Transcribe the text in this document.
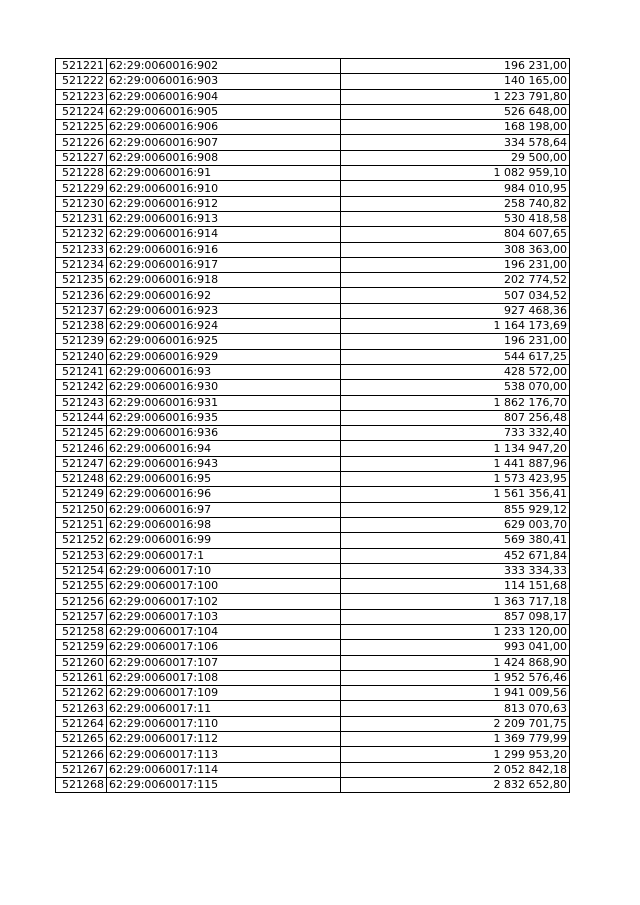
521221	62:29:0060016:902	196 231,00
521222	62:29:0060016:903	140 165,00
521223	62:29:0060016:904	1 223 791,80
521224	62:29:0060016:905	526 648,00
521225	62:29:0060016:906	168 198,00
521226	62:29:0060016:907	334 578,64
521227	62:29:0060016:908	29 500,00
521228	62:29:0060016:91	1 082 959,10
521229	62:29:0060016:910	984 010,95
521230	62:29:0060016:912	258 740,82
521231	62:29:0060016:913	530 418,58
521232	62:29:0060016:914	804 607,65
521233	62:29:0060016:916	308 363,00
521234	62:29:0060016:917	196 231,00
521235	62:29:0060016:918	202 774,52
521236	62:29:0060016:92	507 034,52
521237	62:29:0060016:923	927 468,36
521238	62:29:0060016:924	1 164 173,69
521239	62:29:0060016:925	196 231,00
521240	62:29:0060016:929	544 617,25
521241	62:29:0060016:93	428 572,00
521242	62:29:0060016:930	538 070,00
521243	62:29:0060016:931	1 862 176,70
521244	62:29:0060016:935	807 256,48
521245	62:29:0060016:936	733 332,40
521246	62:29:0060016:94	1 134 947,20
521247	62:29:0060016:943	1 441 887,96
521248	62:29:0060016:95	1 573 423,95
521249	62:29:0060016:96	1 561 356,41
521250	62:29:0060016:97	855 929,12
521251	62:29:0060016:98	629 003,70
521252	62:29:0060016:99	569 380,41
521253	62:29:0060017:1	452 671,84
521254	62:29:0060017:10	333 334,33
521255	62:29:0060017:100	114 151,68
521256	62:29:0060017:102	1 363 717,18
521257	62:29:0060017:103	857 098,17
521258	62:29:0060017:104	1 233 120,00
521259	62:29:0060017:106	993 041,00
521260	62:29:0060017:107	1 424 868,90
521261	62:29:0060017:108	1 952 576,46
521262	62:29:0060017:109	1 941 009,56
521263	62:29:0060017:11	813 070,63
521264	62:29:0060017:110	2 209 701,75
521265	62:29:0060017:112	1 369 779,99
521266	62:29:0060017:113	1 299 953,20
521267	62:29:0060017:114	2 052 842,18
521268	62:29:0060017:115	2 832 652,80
